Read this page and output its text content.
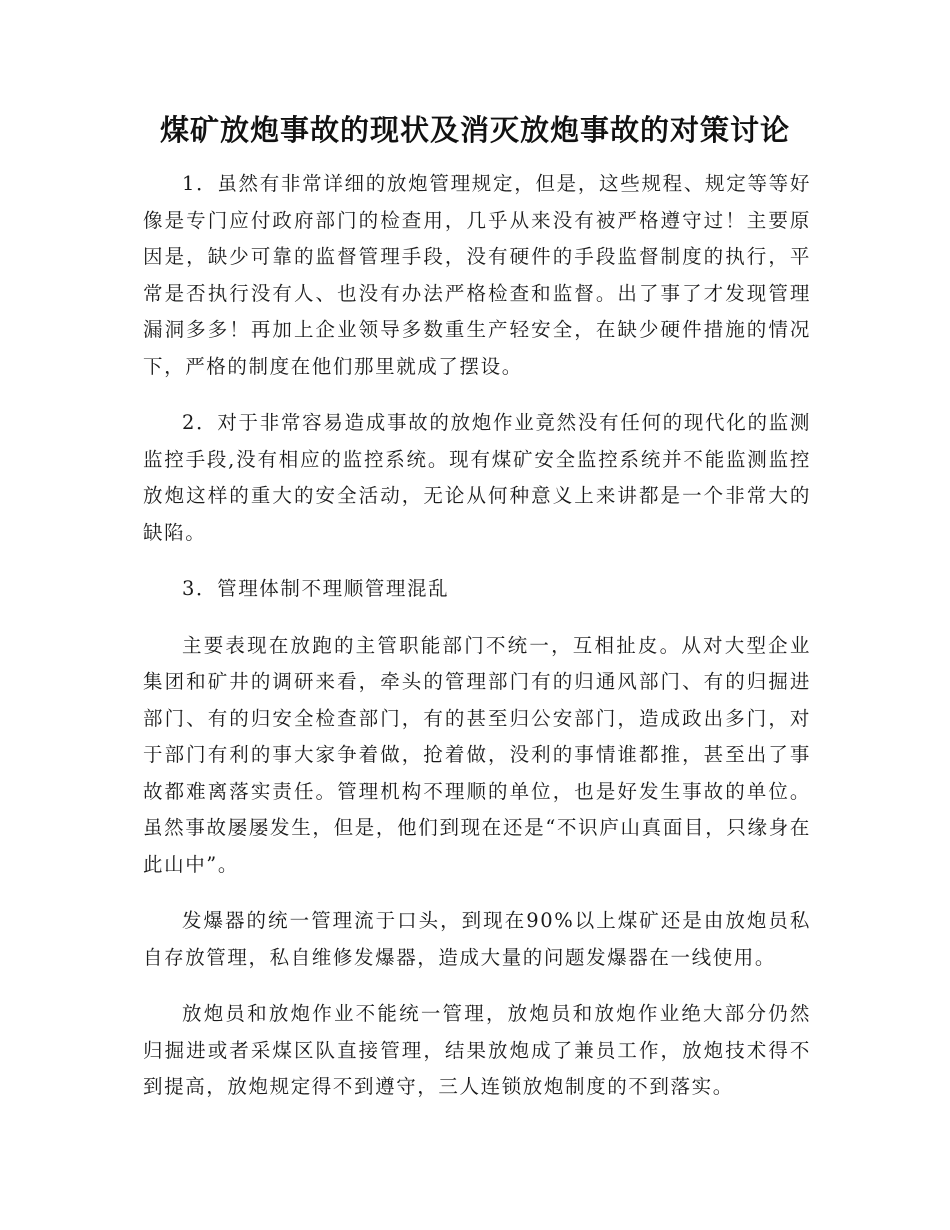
煤矿放炮事故的现状及消灭放炮事故的对策讨论

1．虽然有非常详细的放炮管理规定，但是，这些规程、规定等等好像是专门应付政府部门的检查用，几乎从来没有被严格遵守过！主要原因是，缺少可靠的监督管理手段，没有硬件的手段监督制度的执行，平常是否执行没有人、也没有办法严格检查和监督。出了事了才发现管理漏洞多多！再加上企业领导多数重生产轻安全，在缺少硬件措施的情况下，严格的制度在他们那里就成了摆设。

2．对于非常容易造成事故的放炮作业竟然没有任何的现代化的监测监控手段,没有相应的监控系统。现有煤矿安全监控系统并不能监测监控放炮这样的重大的安全活动，无论从何种意义上来讲都是一个非常大的缺陷。

3．管理体制不理顺管理混乱

主要表现在放跑的主管职能部门不统一，互相扯皮。从对大型企业集团和矿井的调研来看，牵头的管理部门有的归通风部门、有的归掘进部门、有的归安全检查部门，有的甚至归公安部门，造成政出多门，对于部门有利的事大家争着做，抢着做，没利的事情谁都推，甚至出了事故都难离落实责任。管理机构不理顺的单位，也是好发生事故的单位。虽然事故屡屡发生，但是，他们到现在还是“不识庐山真面目，只缘身在此山中”。

发爆器的统一管理流于口头，到现在90%以上煤矿还是由放炮员私自存放管理，私自维修发爆器，造成大量的问题发爆器在一线使用。

放炮员和放炮作业不能统一管理，放炮员和放炮作业绝大部分仍然归掘进或者采煤区队直接管理，结果放炮成了兼员工作，放炮技术得不到提高，放炮规定得不到遵守，三人连锁放炮制度的不到落实。
